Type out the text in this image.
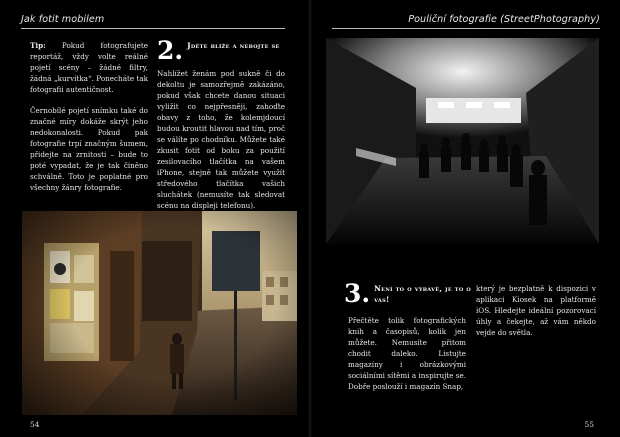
Jak fotit mobilem

Tip: Pokud fotografujete reportáž, vždy volte reálné pojetí scény – žádné filtry, žádná „kurvítka“. Ponecháte tak fotografii autentičnost.

Černobílé pojetí snímku také do značné míry dokáže skrýt jeho nedokonalosti. Pokud pak fotografie trpí značným šumem, přidejte na zrnitosti – bude to poté vypadat, že je tak činěno schválně. Toto je poplatné pro všechny žánry fotografie.

2. Jděte blíže a nebojte se

Nahlížet ženám pod sukně či do dekoltu je samozřejmě zakázáno, pokud však chcete danou situaci vyližit co nejpřesněji, zahoďte obavy z toho, že kolemjdoucí budou kroutit hlavou nad tím, proč se válíte po chodníku. Můžete také zkusit fotit od boku za použití zesilovacího tlačítka na vašem iPhone, stejně tak můžete využít středového tlačítka vašich sluchátek (nemusíte tak sledovat scénu na displeji telefonu).

54
Pouliční fotografie (StreetPhotography)
3. Není to o výbavě, je to o vás!

Přečtěte tolik fotografických knih a časopisů, kolik jen můžete. Nemusíte přitom chodit daleko. Listujte magazíny i obrázkovými sociálními sítěmi a inspirujte se. Dobře poslouží i magazín Snap,

který je bezplatně k dispozici v aplikaci Kiosek na platformě iOS. Hledejte ideální pozorovací úhly a čekejte, až vám někdo vejde do světla.

55
